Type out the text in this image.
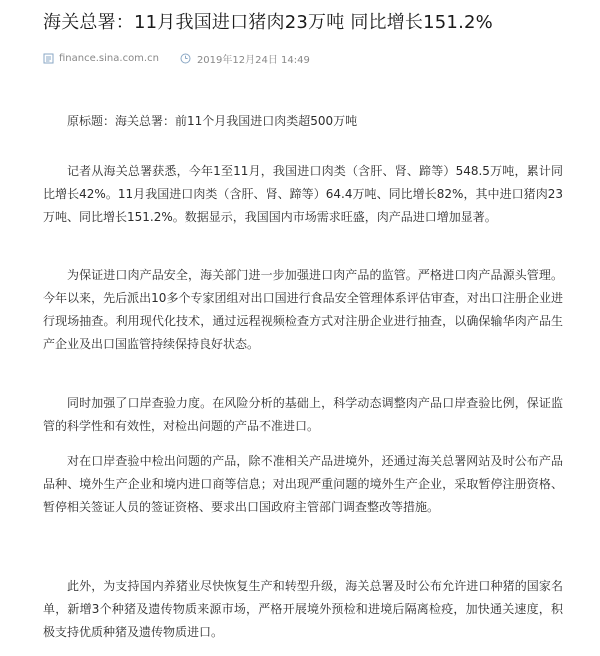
海关总署：11月我国进口猪肉23万吨 同比增长151.2%
finance.sina.com.cn	2019年12月24日 14:49

原标题：海关总署：前11个月我国进口肉类超500万吨

记者从海关总署获悉，今年1至11月，我国进口肉类（含肝、肾、蹄等）548.5万吨，累计同比增长42%。11月我国进口肉类（含肝、肾、蹄等）64.4万吨、同比增长82%，其中进口猪肉23万吨、同比增长151.2%。数据显示，我国国内市场需求旺盛，肉产品进口增加显著。

为保证进口肉产品安全，海关部门进一步加强进口肉产品的监管。严格进口肉产品源头管理。今年以来，先后派出10多个专家团组对出口国进行食品安全管理体系评估审查，对出口注册企业进行现场抽查。利用现代化技术，通过远程视频检查方式对注册企业进行抽查，以确保输华肉产品生产企业及出口国监管持续保持良好状态。

同时加强了口岸查验力度。在风险分析的基础上，科学动态调整肉产品口岸查验比例，保证监管的科学性和有效性，对检出问题的产品不准进口。

对在口岸查验中检出问题的产品，除不准相关产品进境外，还通过海关总署网站及时公布产品品种、境外生产企业和境内进口商等信息；对出现严重问题的境外生产企业，采取暂停注册资格、暂停相关签证人员的签证资格、要求出口国政府主管部门调查整改等措施。

此外，为支持国内养猪业尽快恢复生产和转型升级，海关总署及时公布允许进口种猪的国家名单，新增3个种猪及遗传物质来源市场，严格开展境外预检和进境后隔离检疫，加快通关速度，积极支持优质种猪及遗传物质进口。
